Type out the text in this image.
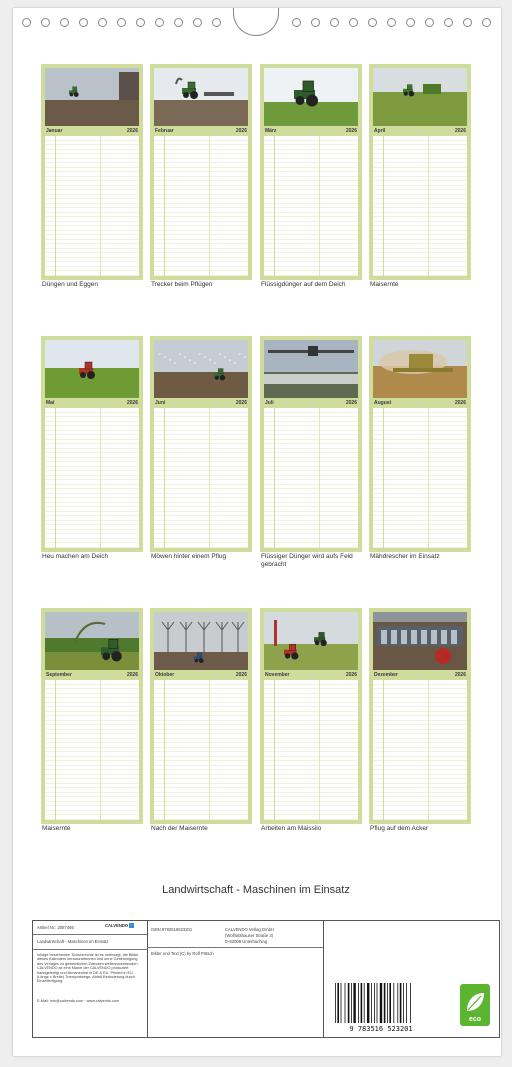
Januar	2026
Düngen und Eggen
Februar	2026
Trecker beim Pflügen
März	2026
Flüssigdünger auf dem Deich
April	2026
Maisernte
Mai	2026
Heu machen am Deich
Juni	2026
Möwen hinter einem Pflug
Juli	2026
Flüssiger Dünger wird aufs Feld gebracht
August	2026
Mähdrescher im Einsatz
September	2026
Maisernte
Oktober	2026
Nach der Maisernte
November	2026
Arbeiten am Maissilo
Dezember	2026
Pflug auf dem Acker
Landwirtschaft - Maschinen im Einsatz
Artikel Nr.: 2087466	CALVENDO
Landwirtschaft - Maschinen im Einsatz
Infolge bestehender Schutzrechte ist es untersagt, die Bilder dieses Kalenders herauszutrennen und ohne Genehmigung des Verlages zu gewerblichen Zwecken weiterzuverwenden. CALVENDO ist eine Marke der CALVENDO produziert handgefertigt und klimaneutral in DE & EU. Printed in EU (Länge x Breite) Transportwege, Abfall-Reduzierung durch Einzelfertigung.
E-Mail: info@calvendo.com · www.calvendo.com
ISBN 9783516523201	CALVENDO Verlag GmbH
(Wolfratshauser Straße 3)
D-82008 Unterhaching
Bilder und Text (C) by Rolf Pötsch
9 783516 523201
eco
